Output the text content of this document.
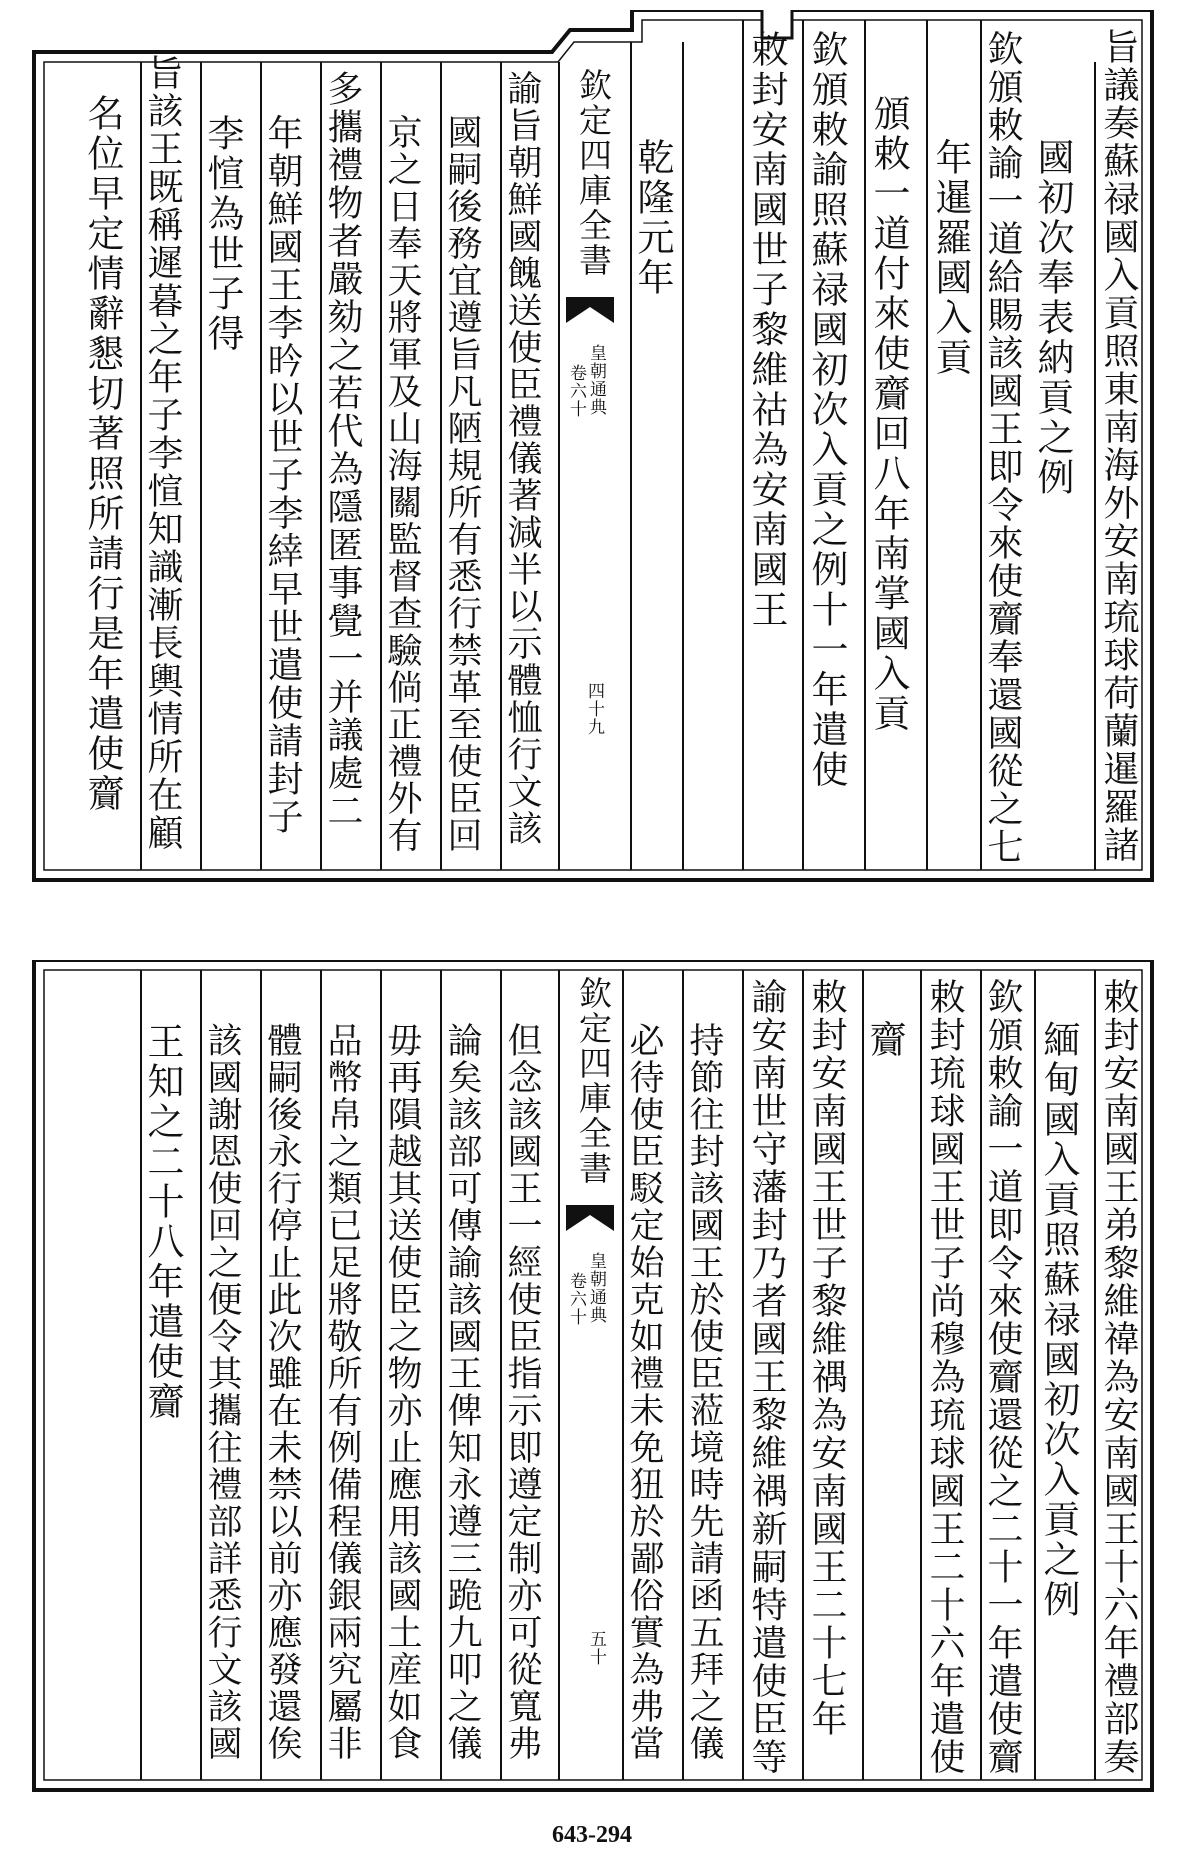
旨議奏蘇禄國入貢照東南海外安南琉球荷蘭暹羅諸
國初次奉表納貢之例
欽頒敕諭一道給賜該國王即令來使齎奉還國從之七
年暹羅國入貢
頒敕一道付來使齎回八年南掌國入貢
欽頒敕諭照蘇禄國初次入貢之例十一年遣使
敕封安南國世子黎維祜為安南國王
乾隆元年
欽定四庫全書
皇朝通典
卷六十
四十九
諭旨朝鮮國餽送使臣禮儀著減半以示體恤行文該
國嗣後務宜遵旨凡陋規所有悉行禁革至使臣回
京之日奉天將軍及山海關監督查驗倘正禮外有
多攜禮物者嚴劾之若代為隱匿事覺一并議處二
年朝鮮國王李昑以世子李緈早世遣使請封子
李愃為世子得
旨該王既稱遲暮之年子李愃知識漸長輿情所在顧
名位早定情辭懇切著照所請行是年遣使齎
敕封安南國王弟黎維禕為安南國王十六年禮部奏
緬甸國入貢照蘇禄國初次入貢之例
欽頒敕諭一道即令來使齎還從之二十一年遣使齎
敕封琉球國王世子尚穆為琉球國王二十六年遣使
齎
敕封安南國王世子黎維禑為安南國王二十七年
諭安南世守藩封乃者國王黎維禑新嗣特遣使臣等
持節往封該國王於使臣蒞境時先請函五拜之儀
必待使臣駁定始克如禮未免狃於鄙俗實為弗當
欽定四庫全書
皇朝通典
卷六十
五十
但念該國王一經使臣指示即遵定制亦可從寬弗
論矣該部可傳諭該國王俾知永遵三跪九叩之儀
毋再隕越其送使臣之物亦止應用該國土産如食
品幣帛之類已足將敬所有例備程儀銀兩究屬非
體嗣後永行停止此次雖在未禁以前亦應發還俟
該國謝恩使回之便令其攜往禮部詳悉行文該國
王知之二十八年遣使齎
643-294
